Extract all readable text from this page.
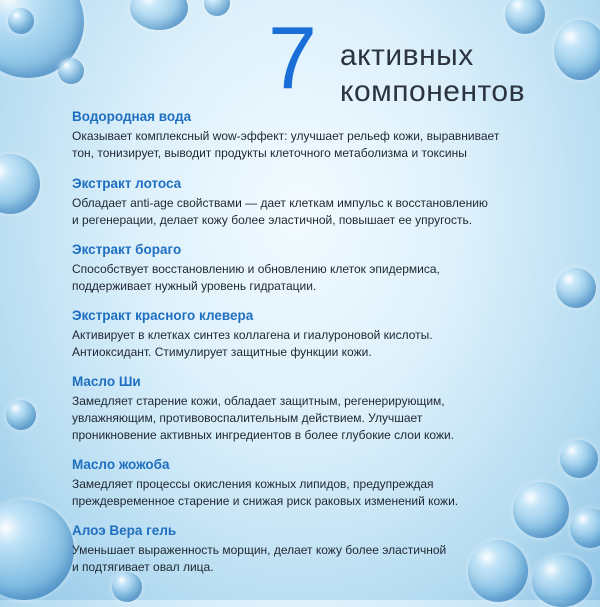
7 активных
компонентов
Водородная вода
Оказывает комплексный wow-эффект: улучшает рельеф кожи, выравнивает
тон, тонизирует, выводит продукты клеточного метаболизма и токсины
Экстракт лотоса
Обладает anti-age свойствами — дает клеткам импульс к восстановлению
и регенерации, делает кожу более эластичной, повышает ее упругость.
Экстракт бораго
Способствует восстановлению и обновлению клеток эпидермиса,
поддерживает нужный уровень гидратации.
Экстракт красного клевера
Активирует в клетках синтез коллагена и гиалуроновой кислоты.
Антиоксидант. Стимулирует защитные функции кожи.
Масло Ши
Замедляет старение кожи, обладает защитным, регенерирующим,
увлажняющим, противовоспалительным действием. Улучшает
проникновение активных ингредиентов в более глубокие слои кожи.
Масло жожоба
Замедляет процессы окисления кожных липидов, предупреждая
преждевременное старение и снижая риск раковых изменений кожи.
Алоэ Вера гель
Уменьшает выраженность морщин, делает кожу более эластичной
и подтягивает овал лица.
